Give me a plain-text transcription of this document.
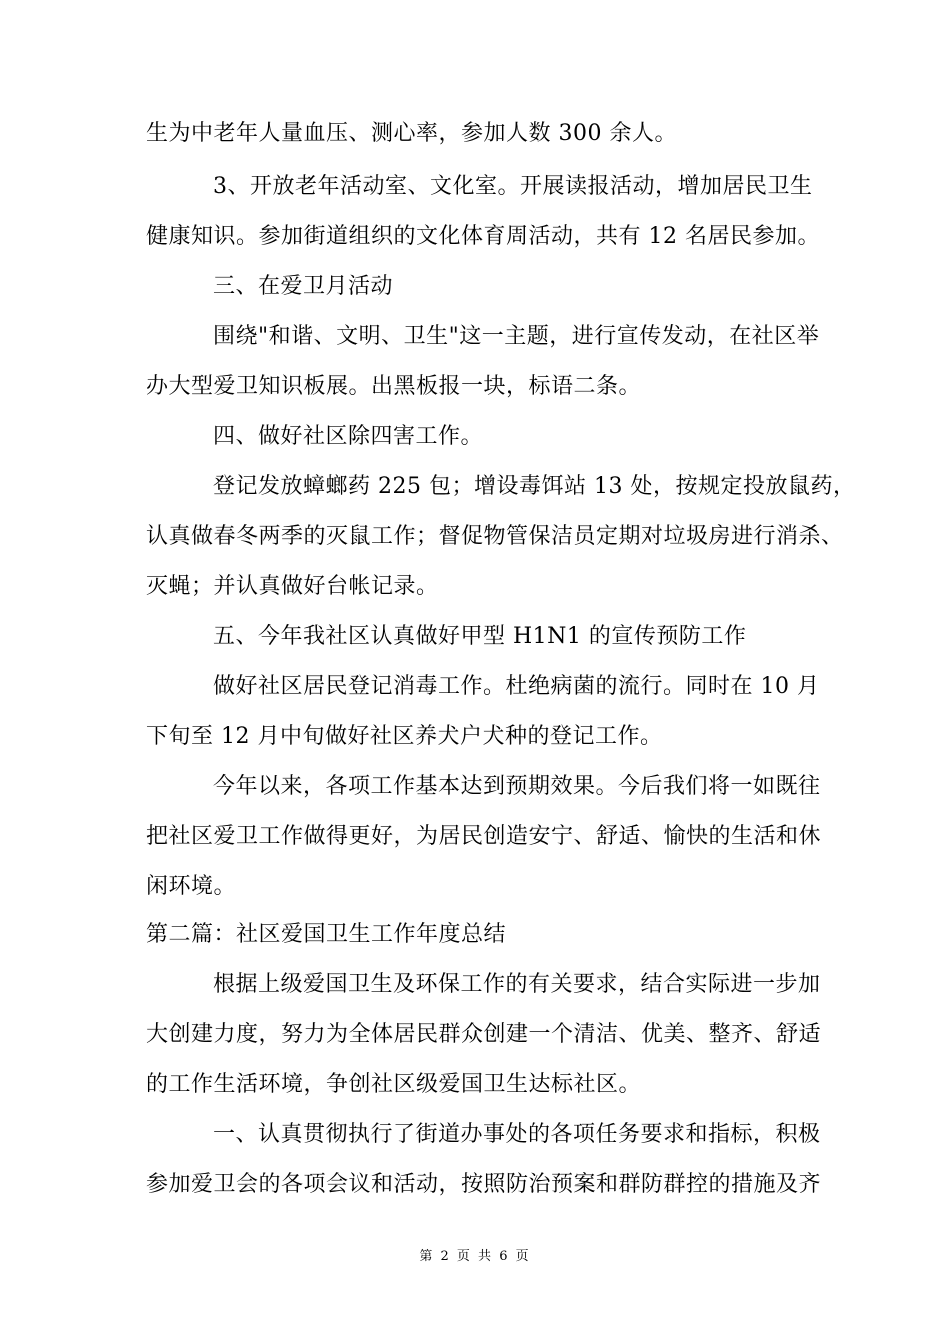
生为中老年人量血压、测心率，参加人数 300 余人。

3、开放老年活动室、文化室。开展读报活动，增加居民卫生

健康知识。参加街道组织的文化体育周活动，共有 12 名居民参加。

三、在爱卫月活动

围绕"和谐、文明、卫生"这一主题，进行宣传发动，在社区举

办大型爱卫知识板展。出黑板报一块，标语二条。

四、做好社区除四害工作。

登记发放蟑螂药 225 包；增设毒饵站 13 处，按规定投放鼠药，

认真做春冬两季的灭鼠工作；督促物管保洁员定期对垃圾房进行消杀、

灭蝇；并认真做好台帐记录。

五、今年我社区认真做好甲型 H1N1 的宣传预防工作

做好社区居民登记消毒工作。杜绝病菌的流行。同时在 10 月

下旬至 12 月中旬做好社区养犬户犬种的登记工作。

今年以来，各项工作基本达到预期效果。今后我们将一如既往

把社区爱卫工作做得更好，为居民创造安宁、舒适、愉快的生活和休

闲环境。

第二篇：社区爱国卫生工作年度总结

根据上级爱国卫生及环保工作的有关要求，结合实际进一步加

大创建力度，努力为全体居民群众创建一个清洁、优美、整齐、舒适

的工作生活环境，争创社区级爱国卫生达标社区。

一、认真贯彻执行了街道办事处的各项任务要求和指标，积极

参加爱卫会的各项会议和活动，按照防治预案和群防群控的措施及齐

第 2 页 共 6 页
